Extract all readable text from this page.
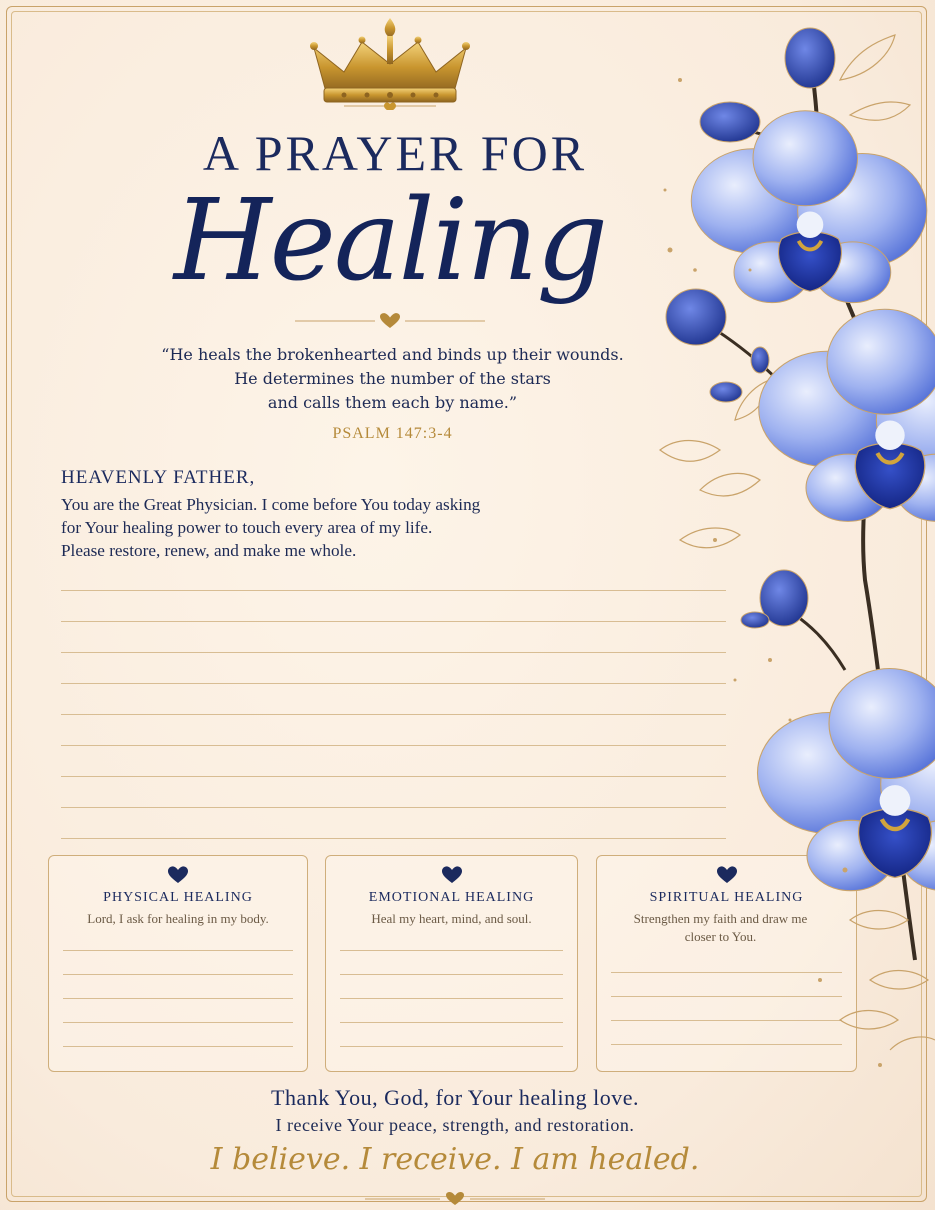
A PRAYER FOR
Healing
“He heals the brokenhearted and binds up their wounds.
He determines the number of the stars
and calls them each by name.”
PSALM 147:3-4
HEAVENLY FATHER,

You are the Great Physician. I come before You today asking

for Your healing power to touch every area of my life.

Please restore, renew, and make me whole.

PHYSICAL HEALING
Lord, I ask for healing in my body.
EMOTIONAL HEALING
Heal my heart, mind, and soul.
SPIRITUAL HEALING
Strengthen my faith and draw me closer to You.
Thank You, God, for Your healing love.
I receive Your peace, strength, and restoration.
I believe. I receive. I am healed.
